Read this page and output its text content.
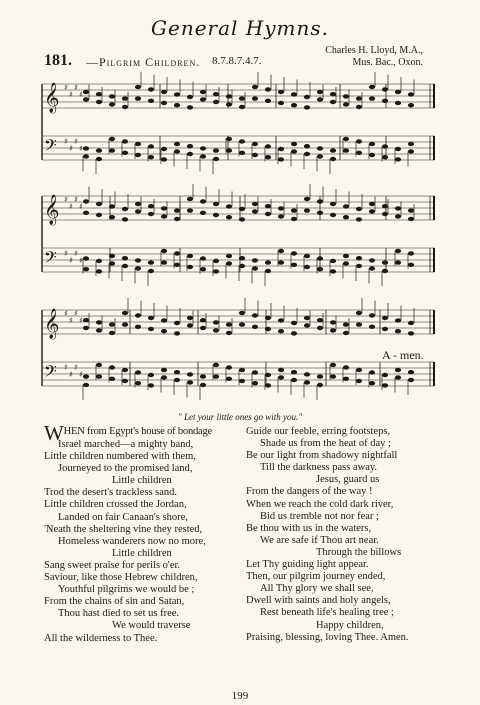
General Hymns.
181. —Pilgrim Children. 8.7.8.7.4.7.
Charles H. Lloyd, M.A.,
Mus. Bac., Oxon.
𝄞 ♯
♯
♯
♯
𝄢 ♯
♯
♯
♯
𝄞 ♯
♯
♯
♯
𝄢 ♯
♯
♯
♯
𝄞 ♯
♯
♯
♯
𝄢 ♯
♯
♯
♯
A - men.
" Let your little ones go with you."
WHEN from Egypt's house of bondage
Israel marched—a mighty band,
Little children numbered with them,
Journeyed to the promised land,
Little children
Trod the desert's trackless sand.
Little children crossed the Jordan,
Landed on fair Canaan's shore,
'Neath the sheltering vine they rested,
Homeless wanderers now no more,
Little children
Sang sweet praise for perils o'er.
Saviour, like those Hebrew children,
Youthful pilgrims we would be ;
From the chains of sin and Satan,
Thou hast died to set us free.
We would traverse
All the wilderness to Thee.
Guide our feeble, erring footsteps,
Shade us from the heat of day ;
Be our light from shadowy nightfall
Till the darkness pass away.
Jesus, guard us
From the dangers of the way !
When we reach the cold dark river,
Bid us tremble not nor fear ;
Be thou with us in the waters,
We are safe if Thou art near.
Through the billows
Let Thy guiding light appear.
Then, our pilgrim journey ended,
All Thy glory we shall see,
Dwell with saints and holy angels,
Rest beneath life's healing tree ;
Happy children,
Praising, blessing, loving Thee. Amen.
199
